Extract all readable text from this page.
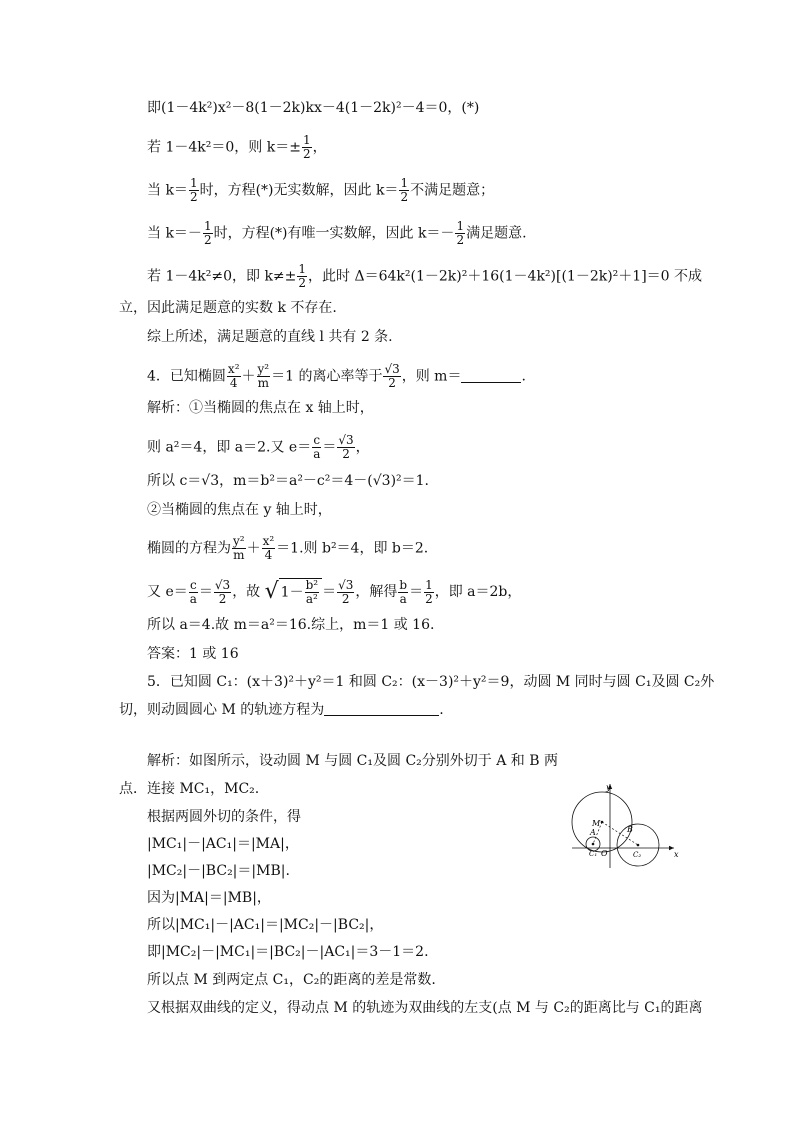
即(1－4k²)x²－8(1－2k)kx－4(1－2k)²－4＝0，(*)
若 1－4k²＝0，则 $k=\pm \frac{1}{2}$ ，
当 $k= \frac{1}{2}$ 时，方程(*)无实数解，因此 $k= \frac{1}{2}$ 不满足题意；
当 $k=- \frac{1}{2}$ 时，方程(*)有唯一实数解，因此 $k=- \frac{1}{2}$ 满足题意.
若 1－4k²≠0，即 $k\ne\pm \frac{1}{2}$ ，此时 Δ＝64k²(1－2k)²＋16(1－4k²)[(1－2k)²＋1]＝0 不成
立，因此满足题意的实数 k 不存在.
综上所述，满足题意的直线 l 共有 2 条.
4．已知椭圆 $\frac{\text{x²}}{4} + \frac{\text{y²}}{m} =1$ 的离心率等于 $\frac{√3}{2}$ ，则 m＝	.
解析：①当椭圆的焦点在 x 轴上时，
则 a²＝4，即 a＝2.又 $e= \frac{c}{a} = \frac{√3}{2}$ ，
所以 c＝√3，m＝b²＝a²－c²＝4－(√3)²＝1.
②当椭圆的焦点在 y 轴上时，
椭圆的方程为 $\frac{\text{y²}}{m} + \frac{\text{x²}}{4} =1$.则 b²＝4，即 b＝2.
又 $e= \frac{c}{a} = \frac{√3}{2}$ ，故 √ $1- \frac{\text{b²}}{\text{a²}} = \frac{√3}{2}$ ，解得 $\frac{b}{a} = \frac{1}{2}$ ，即 a＝2b，
所以 a＝4.故 m＝a²＝16.综上，m＝1 或 16.
答案：1 或 16
5．已知圆 C₁：(x＋3)²＋y²＝1 和圆 C₂：(x－3)²＋y²＝9，动圆 M 同时与圆 C₁及圆 C₂外
切，则动圆圆心 M 的轨迹方程为	.
解析：如图所示，设动圆 M 与圆 C₁及圆 C₂分别外切于 A 和 B 两
点．连接 MC₁，MC₂.
根据两圆外切的条件，得
|MC₁|－|AC₁|＝|MA|，
|MC₂|－|BC₂|＝|MB|.
因为|MA|＝|MB|，
所以|MC₁|－|AC₁|＝|MC₂|－|BC₂|，
即|MC₂|－|MC₁|＝|BC₂|－|AC₁|＝3－1＝2.
所以点 M 到两定点 C₁，C₂的距离的差是常数.
又根据双曲线的定义，得动点 M 的轨迹为双曲线的左支(点 M 与 C₂的距离比与 C₁的距离
y
x
M
A	B
O
C₁	C₂
